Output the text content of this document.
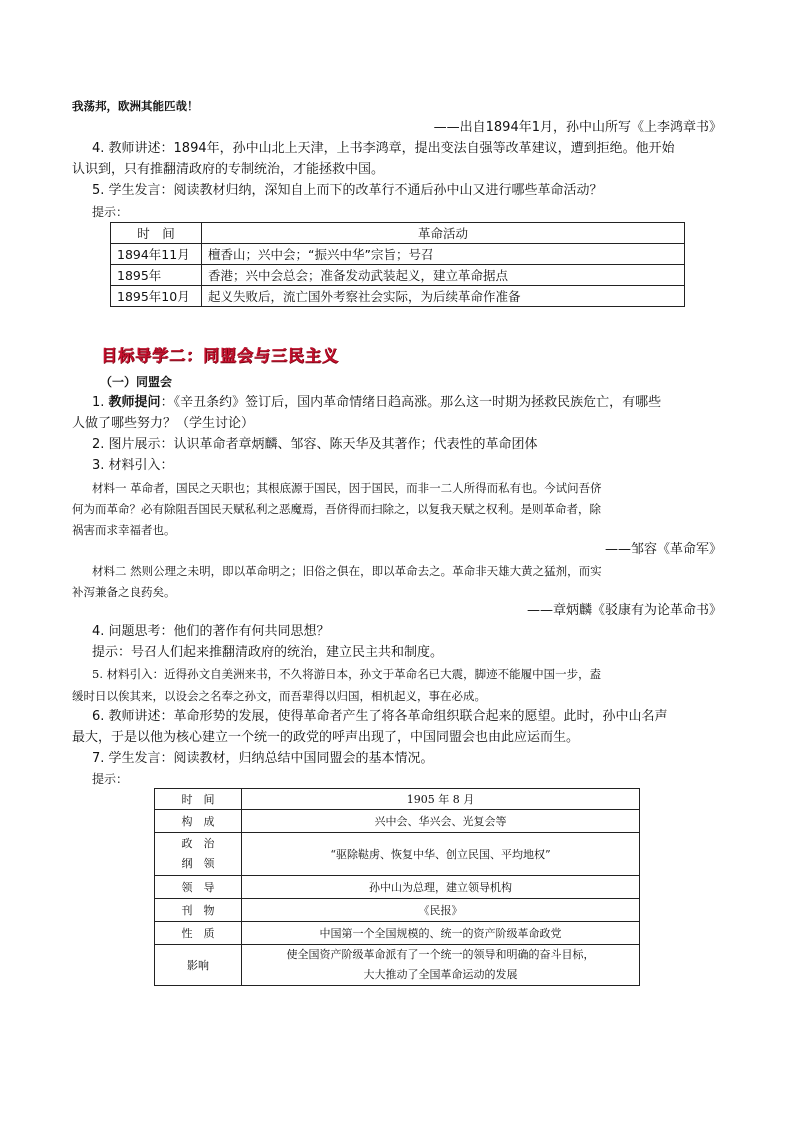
我荡邦，欧洲其能匹哉！
——出自1894年1月，孙中山所写《上李鸿章书》
4. 教师讲述：1894年，孙中山北上天津，上书李鸿章，提出变法自强等改革建议，遭到拒绝。他开始
认识到，只有推翻清政府的专制统治，才能拯救中国。
5. 学生发言：阅读教材归纳，深知自上而下的改革行不通后孙中山又进行哪些革命活动？
提示：
时　间	革命活动
1894年11月	檀香山；兴中会；“振兴中华”宗旨；号召
1895年	香港；兴中会总会；准备发动武装起义，建立革命据点
1895年10月	起义失败后，流亡国外考察社会实际，为后续革命作准备
目标导学二：同盟会与三民主义
（一）同盟会
1. 教师提问：《辛丑条约》签订后，国内革命情绪日趋高涨。那么这一时期为拯救民族危亡，有哪些
人做了哪些努力？（学生讨论）
2. 图片展示：认识革命者章炳麟、邹容、陈天华及其著作；代表性的革命团体
3. 材料引入：
材料一 革命者，国民之天职也；其根底源于国民，因于国民，而非一二人所得而私有也。今试问吾侪
何为而革命？必有除阻吾国民天赋私利之恶魔焉，吾侪得而扫除之，以复我天赋之权利。是则革命者，除
祸害而求幸福者也。
——邹容《革命军》
材料二 然则公理之未明，即以革命明之；旧俗之俱在，即以革命去之。革命非天雄大黄之猛剂，而实
补泻兼备之良药矣。
——章炳麟《驳康有为论革命书》
4. 问题思考：他们的著作有何共同思想？
提示：号召人们起来推翻清政府的统治，建立民主共和制度。
5. 材料引入：近得孙文自美洲来书，不久将游日本，孙文于革命名已大震，脚迹不能履中国一步，盍
缓时日以俟其来，以设会之名奉之孙文，而吾辈得以归国，相机起义，事在必成。
6. 教师讲述：革命形势的发展，使得革命者产生了将各革命组织联合起来的愿望。此时，孙中山名声
最大，于是以他为核心建立一个统一的政党的呼声出现了，中国同盟会也由此应运而生。
7. 学生发言：阅读教材，归纳总结中国同盟会的基本情况。
提示：
时　间	1905 年 8 月
构　成	兴中会、华兴会、光复会等

政　治
纲　领	“驱除鞑虏、恢复中华、创立民国、平均地权”
领　导	孙中山为总理，建立领导机构
刊　物	《民报》
性　质	中国第一个全国规模的、统一的资产阶级革命政党
影响	使全国资产阶级革命派有了一个统一的领导和明确的奋斗目标，
大大推动了全国革命运动的发展
